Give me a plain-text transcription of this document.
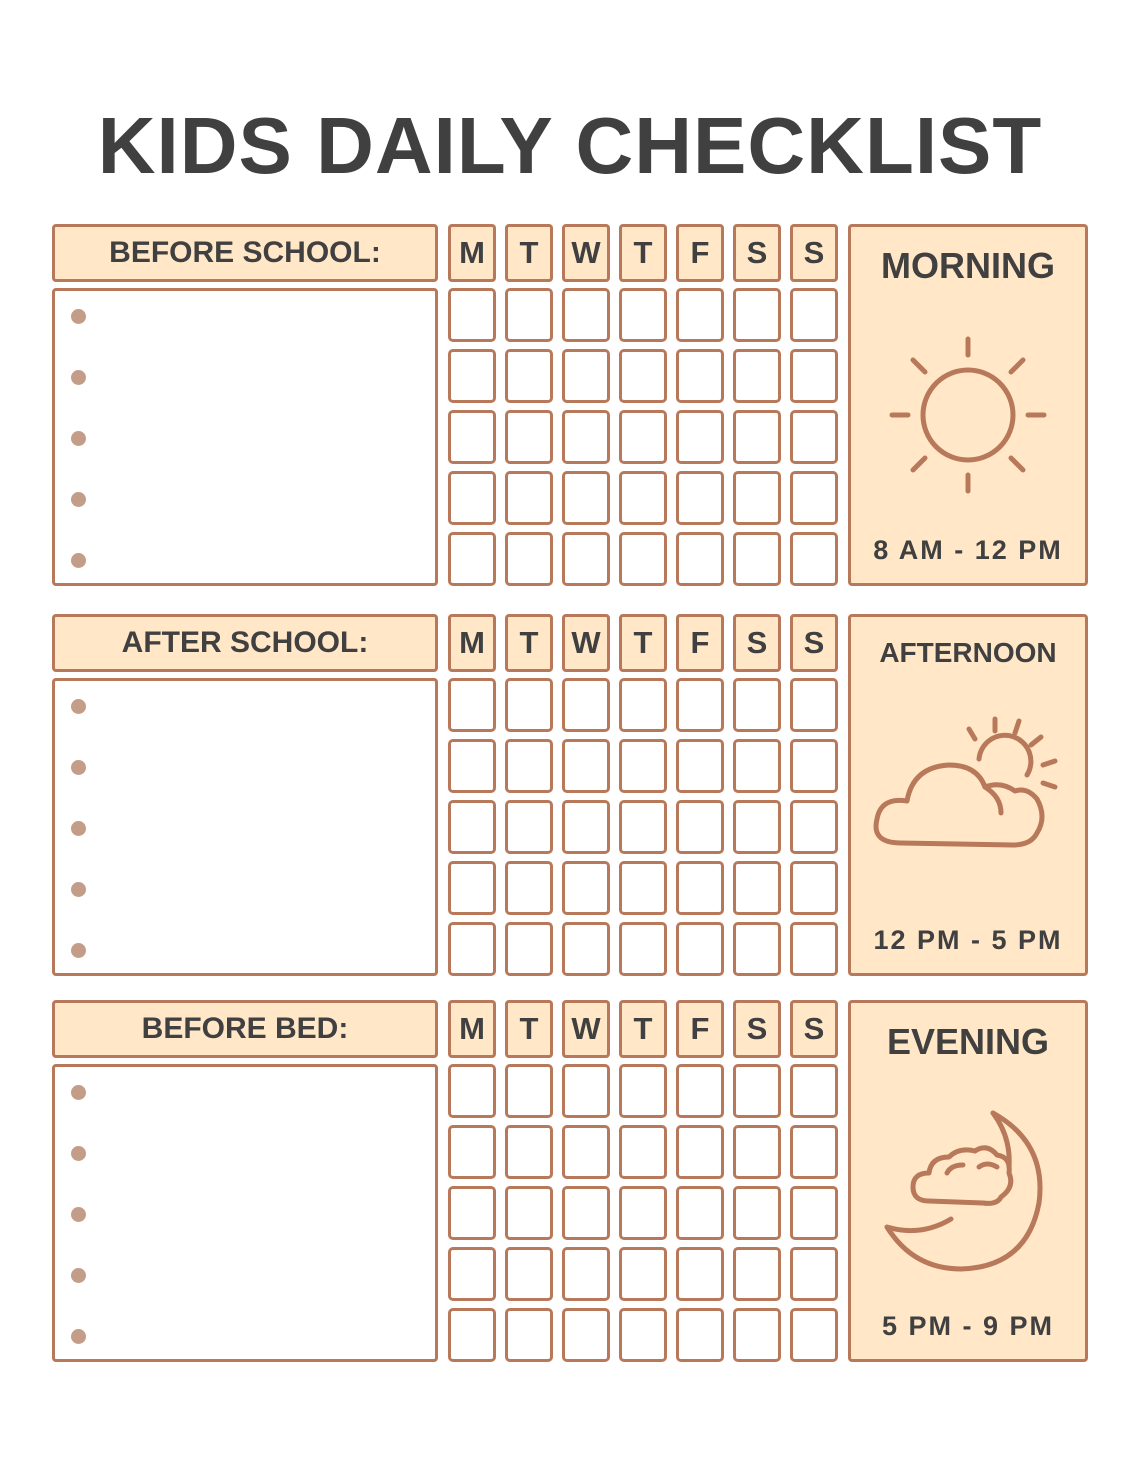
KIDS DAILY CHECKLIST
BEFORE SCHOOL:	M	T	W	T	F	S	S	MORNING
8 AM - 12 PM
AFTER SCHOOL:	M	T	W	T	F	S	S	AFTERNOON
12 PM - 5 PM
BEFORE BED:	M	T	W	T	F	S	S	EVENING
5 PM - 9 PM
